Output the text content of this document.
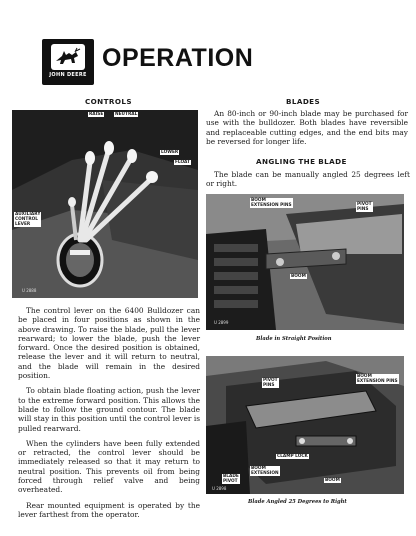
JOHN DEERE
OPERATION
CONTROLS
RAISE	NEUTRAL
LOWER
FLOAT
AUXILIARY
CONTROL
LEVER
U 2888

The control lever on the 6400 Bulldozer can be placed in four positions as shown in the above drawing. To raise the blade, pull the lever rearward; to lower the blade, push the lever forward. Once the desired position is obtained, release the lever and it will return to neutral, and the blade will remain in the desired position.

To obtain blade floating action, push the lever to the extreme forward position. This allows the blade to follow the ground contour. The blade will stay in this position until the control lever is pulled rearward.

When the cylinders have been fully extended or retracted, the control lever should be immediately released so that it may return to neutral position. This prevents oil from being forced through relief valve and being overheated.

Rear mounted equipment is operated by the lever farthest from the operator.

BLADES

An 80-inch or 90-inch blade may be purchased for use with the bulldozer. Both blades have reversible and replaceable cutting edges, and the end bits may be reversed for longer life.

ANGLING THE BLADE

The blade can be manually angled 25 degrees left or right.

BOOM
EXTENSION PINS	PIVOT
PINS
BOOM
U 2899
Blade in Straight Position
PIVOT
PINS
BOOM
EXTENSION PINS
CLAMP LOCK
BOOM
EXTENSION
BLADE
PIVOT	BOOM
U 2898
Blade Angled 25 Degrees to Right
